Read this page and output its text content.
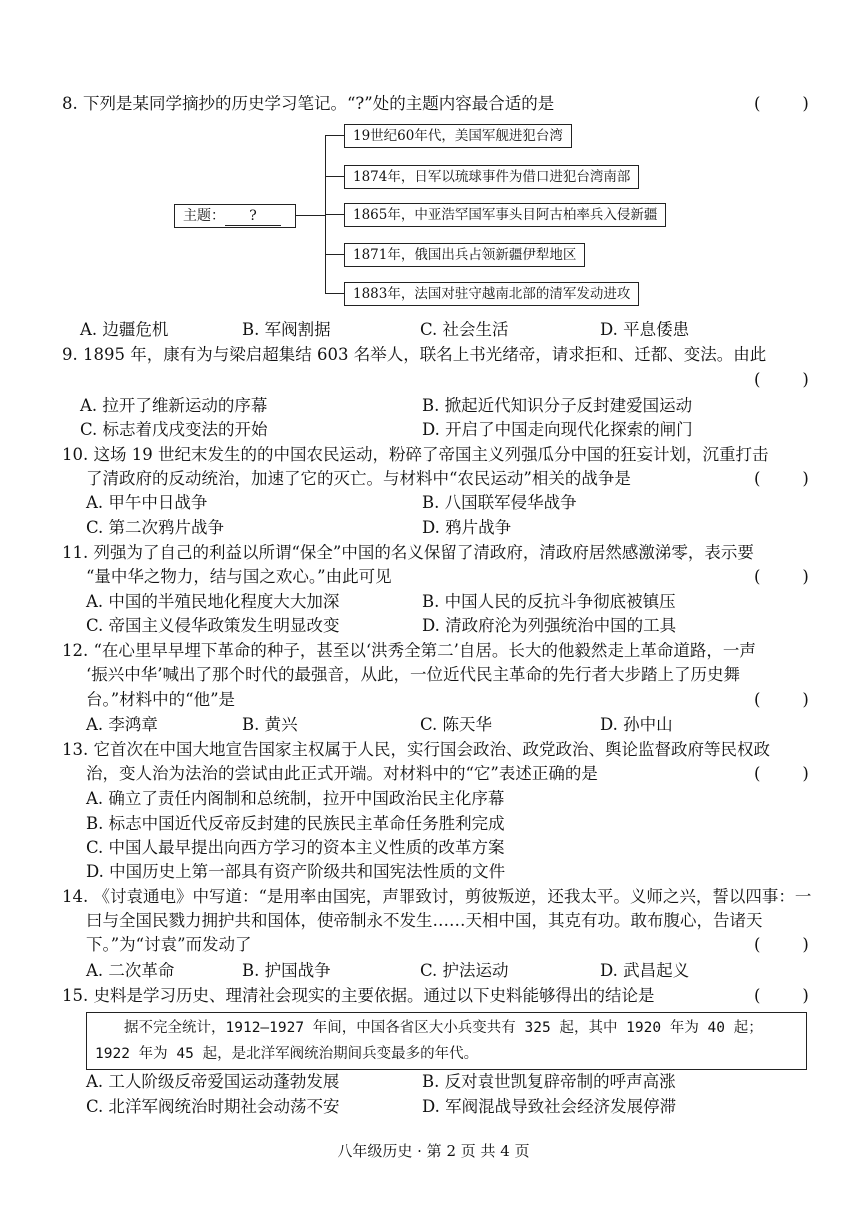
8. 下列是某同学摘抄的历史学习笔记。“?”处的主题内容最合适的是	(        )
主题： ?
19世纪60年代，美国军舰进犯台湾
1874年，日军以琉球事件为借口进犯台湾南部
1865年，中亚浩罕国军事头目阿古柏率兵入侵新疆
1871年，俄国出兵占领新疆伊犁地区
1883年，法国对驻守越南北部的清军发动进攻
A. 边疆危机	B. 军阀割据	C. 社会生活	D. 平息倭患
9. 1895 年，康有为与梁启超集结 603 名举人，联名上书光绪帝，请求拒和、迁都、变法。由此
(        )
A. 拉开了维新运动的序幕	B. 掀起近代知识分子反封建爱国运动
C. 标志着戊戌变法的开始	D. 开启了中国走向现代化探索的闸门
10. 这场 19 世纪末发生的的中国农民运动，粉碎了帝国主义列强瓜分中国的狂妄计划，沉重打击
了清政府的反动统治，加速了它的灭亡。与材料中“农民运动”相关的战争是	(        )
A. 甲午中日战争	B. 八国联军侵华战争
C. 第二次鸦片战争	D. 鸦片战争
11. 列强为了自己的利益以所谓“保全”中国的名义保留了清政府，清政府居然感激涕零，表示要
“量中华之物力，结与国之欢心。”由此可见	(        )
A. 中国的半殖民地化程度大大加深	B. 中国人民的反抗斗争彻底被镇压
C. 帝国主义侵华政策发生明显改变	D. 清政府沦为列强统治中国的工具
12. “在心里早早埋下革命的种子，甚至以‘洪秀全第二’自居。长大的他毅然走上革命道路，一声
‘振兴中华’喊出了那个时代的最强音，从此，一位近代民主革命的先行者大步踏上了历史舞
台。”材料中的“他”是	(        )
A. 李鸿章	B. 黄兴	C. 陈天华	D. 孙中山
13. 它首次在中国大地宣告国家主权属于人民，实行国会政治、政党政治、舆论监督政府等民权政
治，变人治为法治的尝试由此正式开端。对材料中的“它”表述正确的是	(        )
A. 确立了责任内阁制和总统制，拉开中国政治民主化序幕
B. 标志中国近代反帝反封建的民族民主革命任务胜利完成
C. 中国人最早提出向西方学习的资本主义性质的改革方案
D. 中国历史上第一部具有资产阶级共和国宪法性质的文件
14. 《讨袁通电》中写道：“是用率由国宪，声罪致讨，剪彼叛逆，还我太平。义师之兴，誓以四事：一
曰与全国民戮力拥护共和国体，使帝制永不发生……天相中国，其克有功。敢布腹心，告诸天
下。”为“讨袁”而发动了	(        )
A. 二次革命	B. 护国战争	C. 护法运动	D. 武昌起义
15. 史料是学习历史、理清社会现实的主要依据。通过以下史料能够得出的结论是	(        )
据不完全统计，1912—1927 年间，中国各省区大小兵变共有 325 起，其中 1920 年为 40 起；
1922 年为 45 起，是北洋军阀统治期间兵变最多的年代。
A. 工人阶级反帝爱国运动蓬勃发展	B. 反对袁世凯复辟帝制的呼声高涨
C. 北洋军阀统治时期社会动荡不安	D. 军阀混战导致社会经济发展停滞
八年级历史 · 第 2 页 共 4 页
